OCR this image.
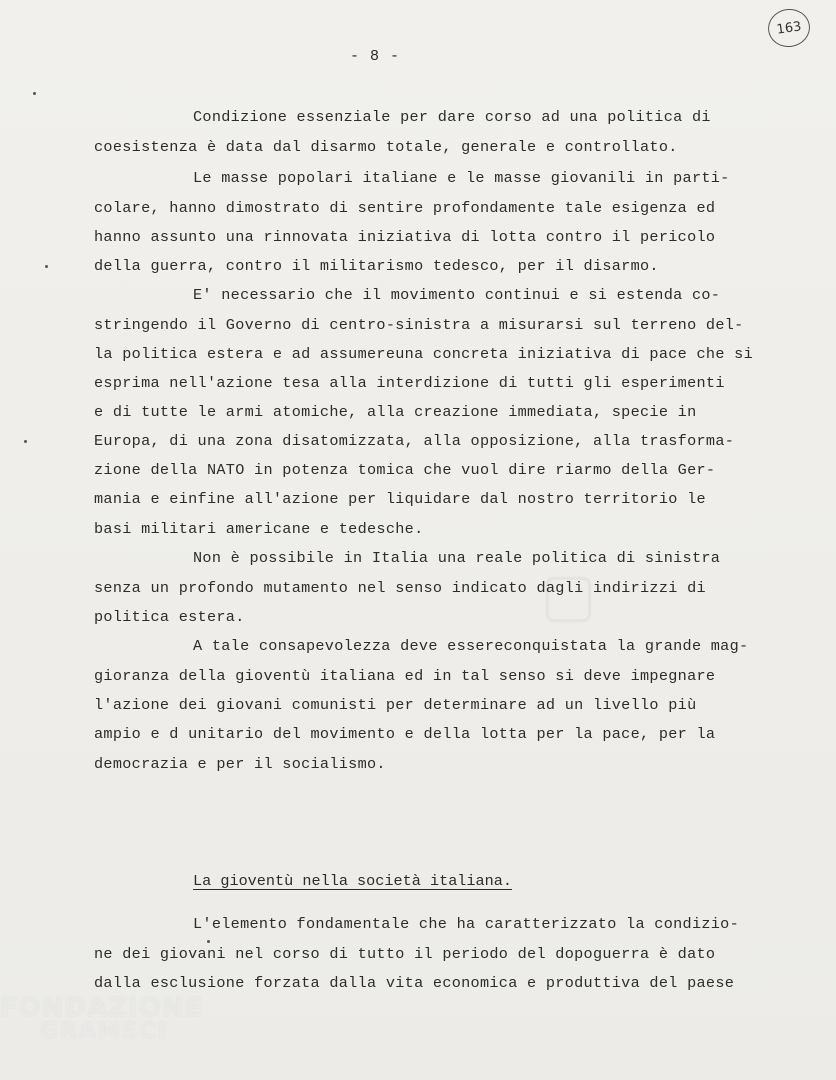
163
- 8 -
Condizione essenziale per dare corso ad una politica di
coesistenza è data dal disarmo totale, generale e controllato.
Le masse popolari italiane e le masse giovanili in parti-
colare, hanno dimostrato di sentire profondamente tale esigenza ed
hanno assunto una rinnovata iniziativa di lotta contro il pericolo
della guerra, contro il militarismo tedesco, per il disarmo.
E' necessario che il movimento continui e si estenda co-
stringendo il Governo di centro-sinistra a misurarsi sul terreno del-
la politica estera e ad assumereuna concreta iniziativa di pace che si
esprima nell'azione tesa alla interdizione di tutti gli esperimenti
e di tutte le armi atomiche, alla creazione immediata, specie in
Europa, di una zona disatomizzata, alla opposizione, alla trasforma-
zione della NATO in potenza tomica che vuol dire riarmo della Ger-
mania e einfine all'azione per liquidare dal nostro territorio le
basi militari americane e tedesche.
Non è possibile in Italia una reale politica di sinistra
senza un profondo mutamento nel senso indicato dagli indirizzi di
politica estera.
A tale consapevolezza deve essereconquistata la grande mag-
gioranza della gioventù italiana ed in tal senso si deve impegnare
l'azione dei giovani comunisti per determinare ad un livello più
ampio e d unitario del movimento e della lotta per la pace, per la
democrazia e per il socialismo.
La gioventù nella società italiana.
L'elemento fondamentale che ha caratterizzato la condizio-
ne dei giovani nel corso di tutto il periodo del dopoguerra è dato
dalla esclusione forzata dalla vita economica e produttiva del paese
FONDAZIONE
GRAMSCI
